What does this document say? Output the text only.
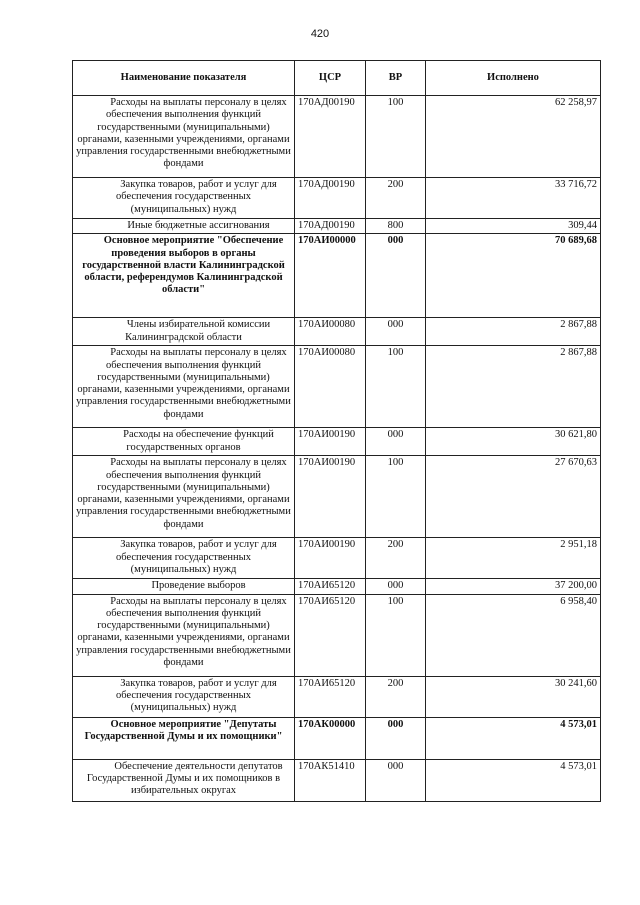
420
Наименование показателя	ЦСР	ВР	Исполнено
Расходы на выплаты персоналу в целях обеспечения выполнения функций государственными (муниципальными) органами, казенными учреждениями, органами управления государственными внебюджетными фондами	170АД00190	100	62 258,97
Закупка товаров, работ и услуг для обеспечения государственных (муниципальных) нужд	170АД00190	200	33 716,72
Иные бюджетные ассигнования	170АД00190	800	309,44
Основное мероприятие "Обеспечение проведения выборов в органы государственной власти Калининградской области, референдумов Калининградской области"	170АИ00000	000	70 689,68
Члены избирательной комиссии Калининградской области	170АИ00080	000	2 867,88
Расходы на выплаты персоналу в целях обеспечения выполнения функций государственными (муниципальными) органами, казенными учреждениями, органами управления государственными внебюджетными фондами	170АИ00080	100	2 867,88
Расходы на обеспечение функций государственных органов	170АИ00190	000	30 621,80
Расходы на выплаты персоналу в целях обеспечения выполнения функций государственными (муниципальными) органами, казенными учреждениями, органами управления государственными внебюджетными фондами	170АИ00190	100	27 670,63
Закупка товаров, работ и услуг для обеспечения государственных (муниципальных) нужд	170АИ00190	200	2 951,18
Проведение выборов	170АИ65120	000	37 200,00
Расходы на выплаты персоналу в целях обеспечения выполнения функций государственными (муниципальными) органами, казенными учреждениями, органами управления государственными внебюджетными фондами	170АИ65120	100	6 958,40
Закупка товаров, работ и услуг для обеспечения государственных (муниципальных) нужд	170АИ65120	200	30 241,60
Основное мероприятие "Депутаты Государственной Думы и их помощники"	170АК00000	000	4 573,01
Обеспечение деятельности депутатов Государственной Думы и их помощников в избирательных округах	170АК51410	000	4 573,01
